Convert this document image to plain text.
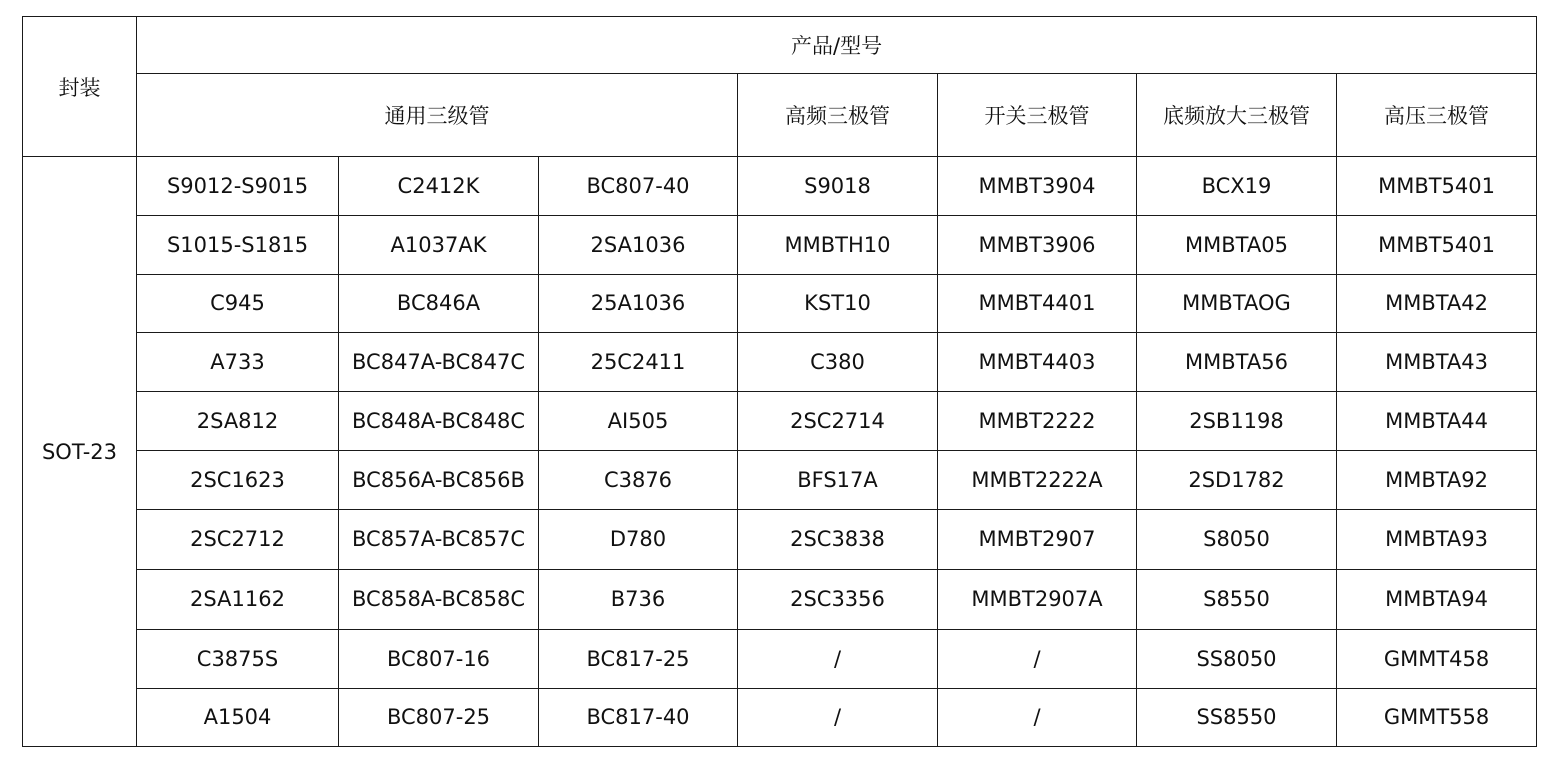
封装	产品/型号						
	通用三级管			高频三极管	开关三极管	底频放大三极管	高压三极管
SOT-23	S9012-S9015	C2412K	BC807-40	S9018	MMBT3904	BCX19	MMBT5401
	S1015-S1815	A1037AK	2SA1036	MMBTH10	MMBT3906	MMBTA05	MMBT5401
	C945	BC846A	25A1036	KST10	MMBT4401	MMBTAOG	MMBTA42
	A733	BC847A-BC847C	25C2411	C380	MMBT4403	MMBTA56	MMBTA43
	2SA812	BC848A-BC848C	AI505	2SC2714	MMBT2222	2SB1198	MMBTA44
	2SC1623	BC856A-BC856B	C3876	BFS17A	MMBT2222A	2SD1782	MMBTA92
	2SC2712	BC857A-BC857C	D780	2SC3838	MMBT2907	S8050	MMBTA93
	2SA1162	BC858A-BC858C	B736	2SC3356	MMBT2907A	S8550	MMBTA94
	C3875S	BC807-16	BC817-25	/	/	SS8050	GMMT458
	A1504	BC807-25	BC817-40	/	/	SS8550	GMMT558
